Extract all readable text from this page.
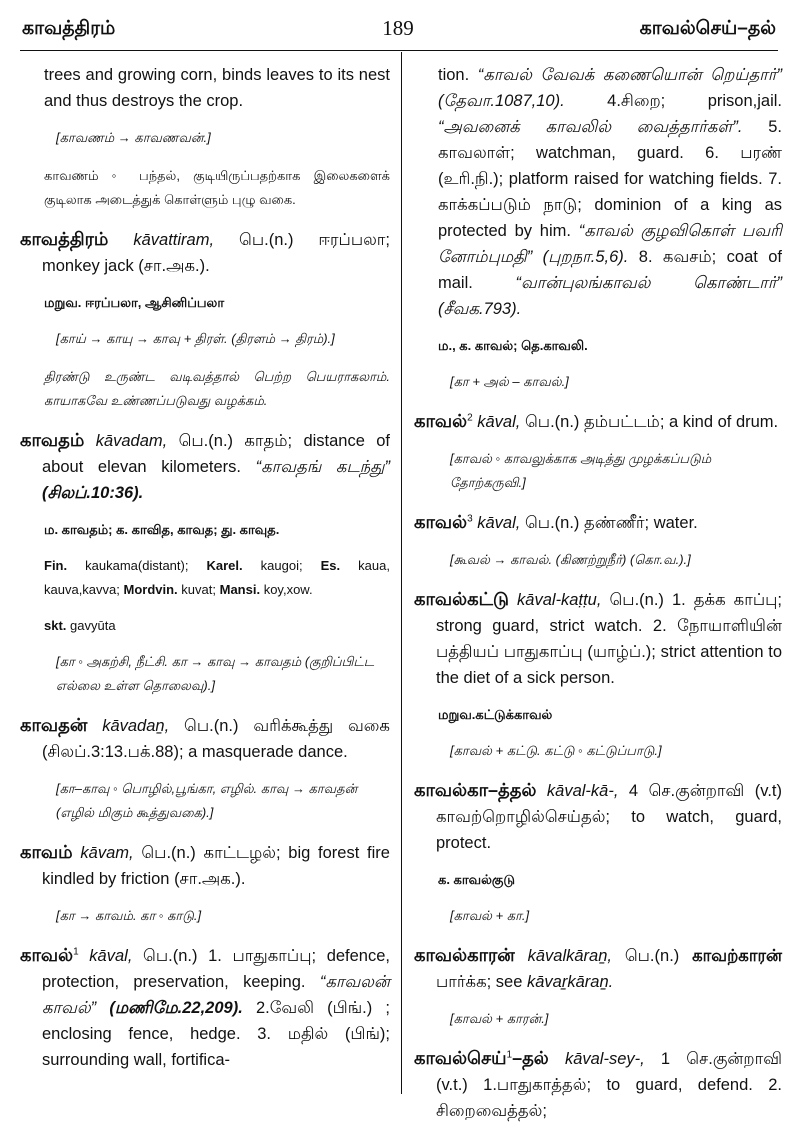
காவத்திரம்	189	காவல்செய்–தல்

trees and growing corn, binds leaves to its nest and thus destroys the crop.

[காவணம் → காவணவன்.]

காவணம் ◦ பந்தல், குடியிருப்பதற்காக இலைகளைக் குடிலாக அடைத்துக் கொள்ளும் புழு வகை.

காவத்திரம் kāvattiram, பெ.(n.) ஈரப்பலா; monkey jack (சா.அக.).

மறுவ. ஈரப்பலா, ஆசினிப்பலா

[காய் → காயு → காவு + திரள். (திரளம் → திரம்).]

திரண்டு உருண்ட வடிவத்தால் பெற்ற பெயராகலாம். காயாகவே உண்ணப்படுவது வழக்கம்.

காவதம் kāvadam, பெ.(n.) காதம்; distance of about elevan kilometers. “காவதங் கடந்து” (சிலப்.10:36).

ம. காவதம்; க. காவித, காவத; து. காவுத.

Fin. kaukama(distant); Karel. kaugoi; Es. kaua, kauva,kavva; Mordvin. kuvat; Mansi. koy,xow.

skt. gavyūta

[கா ◦ அகற்சி, நீட்சி. கா → காவு → காவதம் (குறிப்பிட்ட எல்லை உள்ள தொலைவு).]

காவதன் kāvadaṉ, பெ.(n.) வரிக்கூத்து வகை (சிலப்.3:13.பக்.88); a masquerade dance.

[கா–காவு ◦ பொழில்,பூங்கா, எழில். காவு → காவதன் (எழில் மிகும் கூத்துவகை).]

காவம் kāvam, பெ.(n.) காட்டழல்; big forest fire kindled by friction (சா.அக.).

[கா → காவம். கா ◦ காடு.]

காவல்$^1$ kāval, பெ.(n.) 1. பாதுகாப்பு; defence, protection, preservation, keeping. “காவலன் காவல்” (மணிமே.22,209). 2.வேலி (பிங்.) ; enclosing fence, hedge. 3. மதில் (பிங்); surrounding wall, fortifica-

tion. “காவல் வேவக் கணையொன் றெய்தார்” (தேவா.1087,10).	4.சிறை; prison,jail. “அவனைக் காவலில் வைத்தார்கள்”. 5. காவலாள்; watchman, guard. 6. பரண் (உரி.நி.); platform raised for watching fields. 7. காக்கப்படும் நாடு; dominion of a king as protected by him. “காவல் குழவிகொள் பவரி னோம்புமதி” (புறநா.5,6). 8. கவசம்; coat of mail.	“வான்புலங்காவல் கொண்டார்” (சீவக.793).

ம., க. காவல்; தெ.காவலி.

[கா + அல் – காவல்.]

காவல்$^2$ kāval, பெ.(n.) தம்பட்டம்; a kind of drum.

[காவல் ◦ காவலுக்காக அடித்து முழக்கப்படும் தோற்கருவி.]

காவல்$^3$ kāval, பெ.(n.) தண்ணீர்; water.

[கூவல் → காவல். (கிணற்றுநீர்) (கொ.வ.).]

காவல்கட்டு kāval-kaṭṭu, பெ.(n.) 1. தக்க காப்பு; strong guard, strict watch. 2. நோயாளியின் பத்தியப் பாதுகாப்பு (யாழ்ப்.); strict attention to the diet of a sick person.

மறுவ.கட்டுக்காவல்

[காவல் + கட்டு. கட்டு ◦ கட்டுப்பாடு.]

காவல்கா–த்தல் kāval-kā-, 4 செ.குன்றாவி (v.t) காவற்றொழில்செய்தல்; to watch, guard, protect.

க. காவல்குடு

[காவல் + கா.]

காவல்காரன் kāvalkāraṉ, பெ.(n.) காவற்காரன் பார்க்க; see kāvaṟkāraṉ.

[காவல் + காரன்.]

காவல்செய்$^1$–தல் kāval-sey-, 1 செ.குன்றாவி (v.t.) 1.பாதுகாத்தல்; to guard, defend. 2. சிறைவைத்தல்;
